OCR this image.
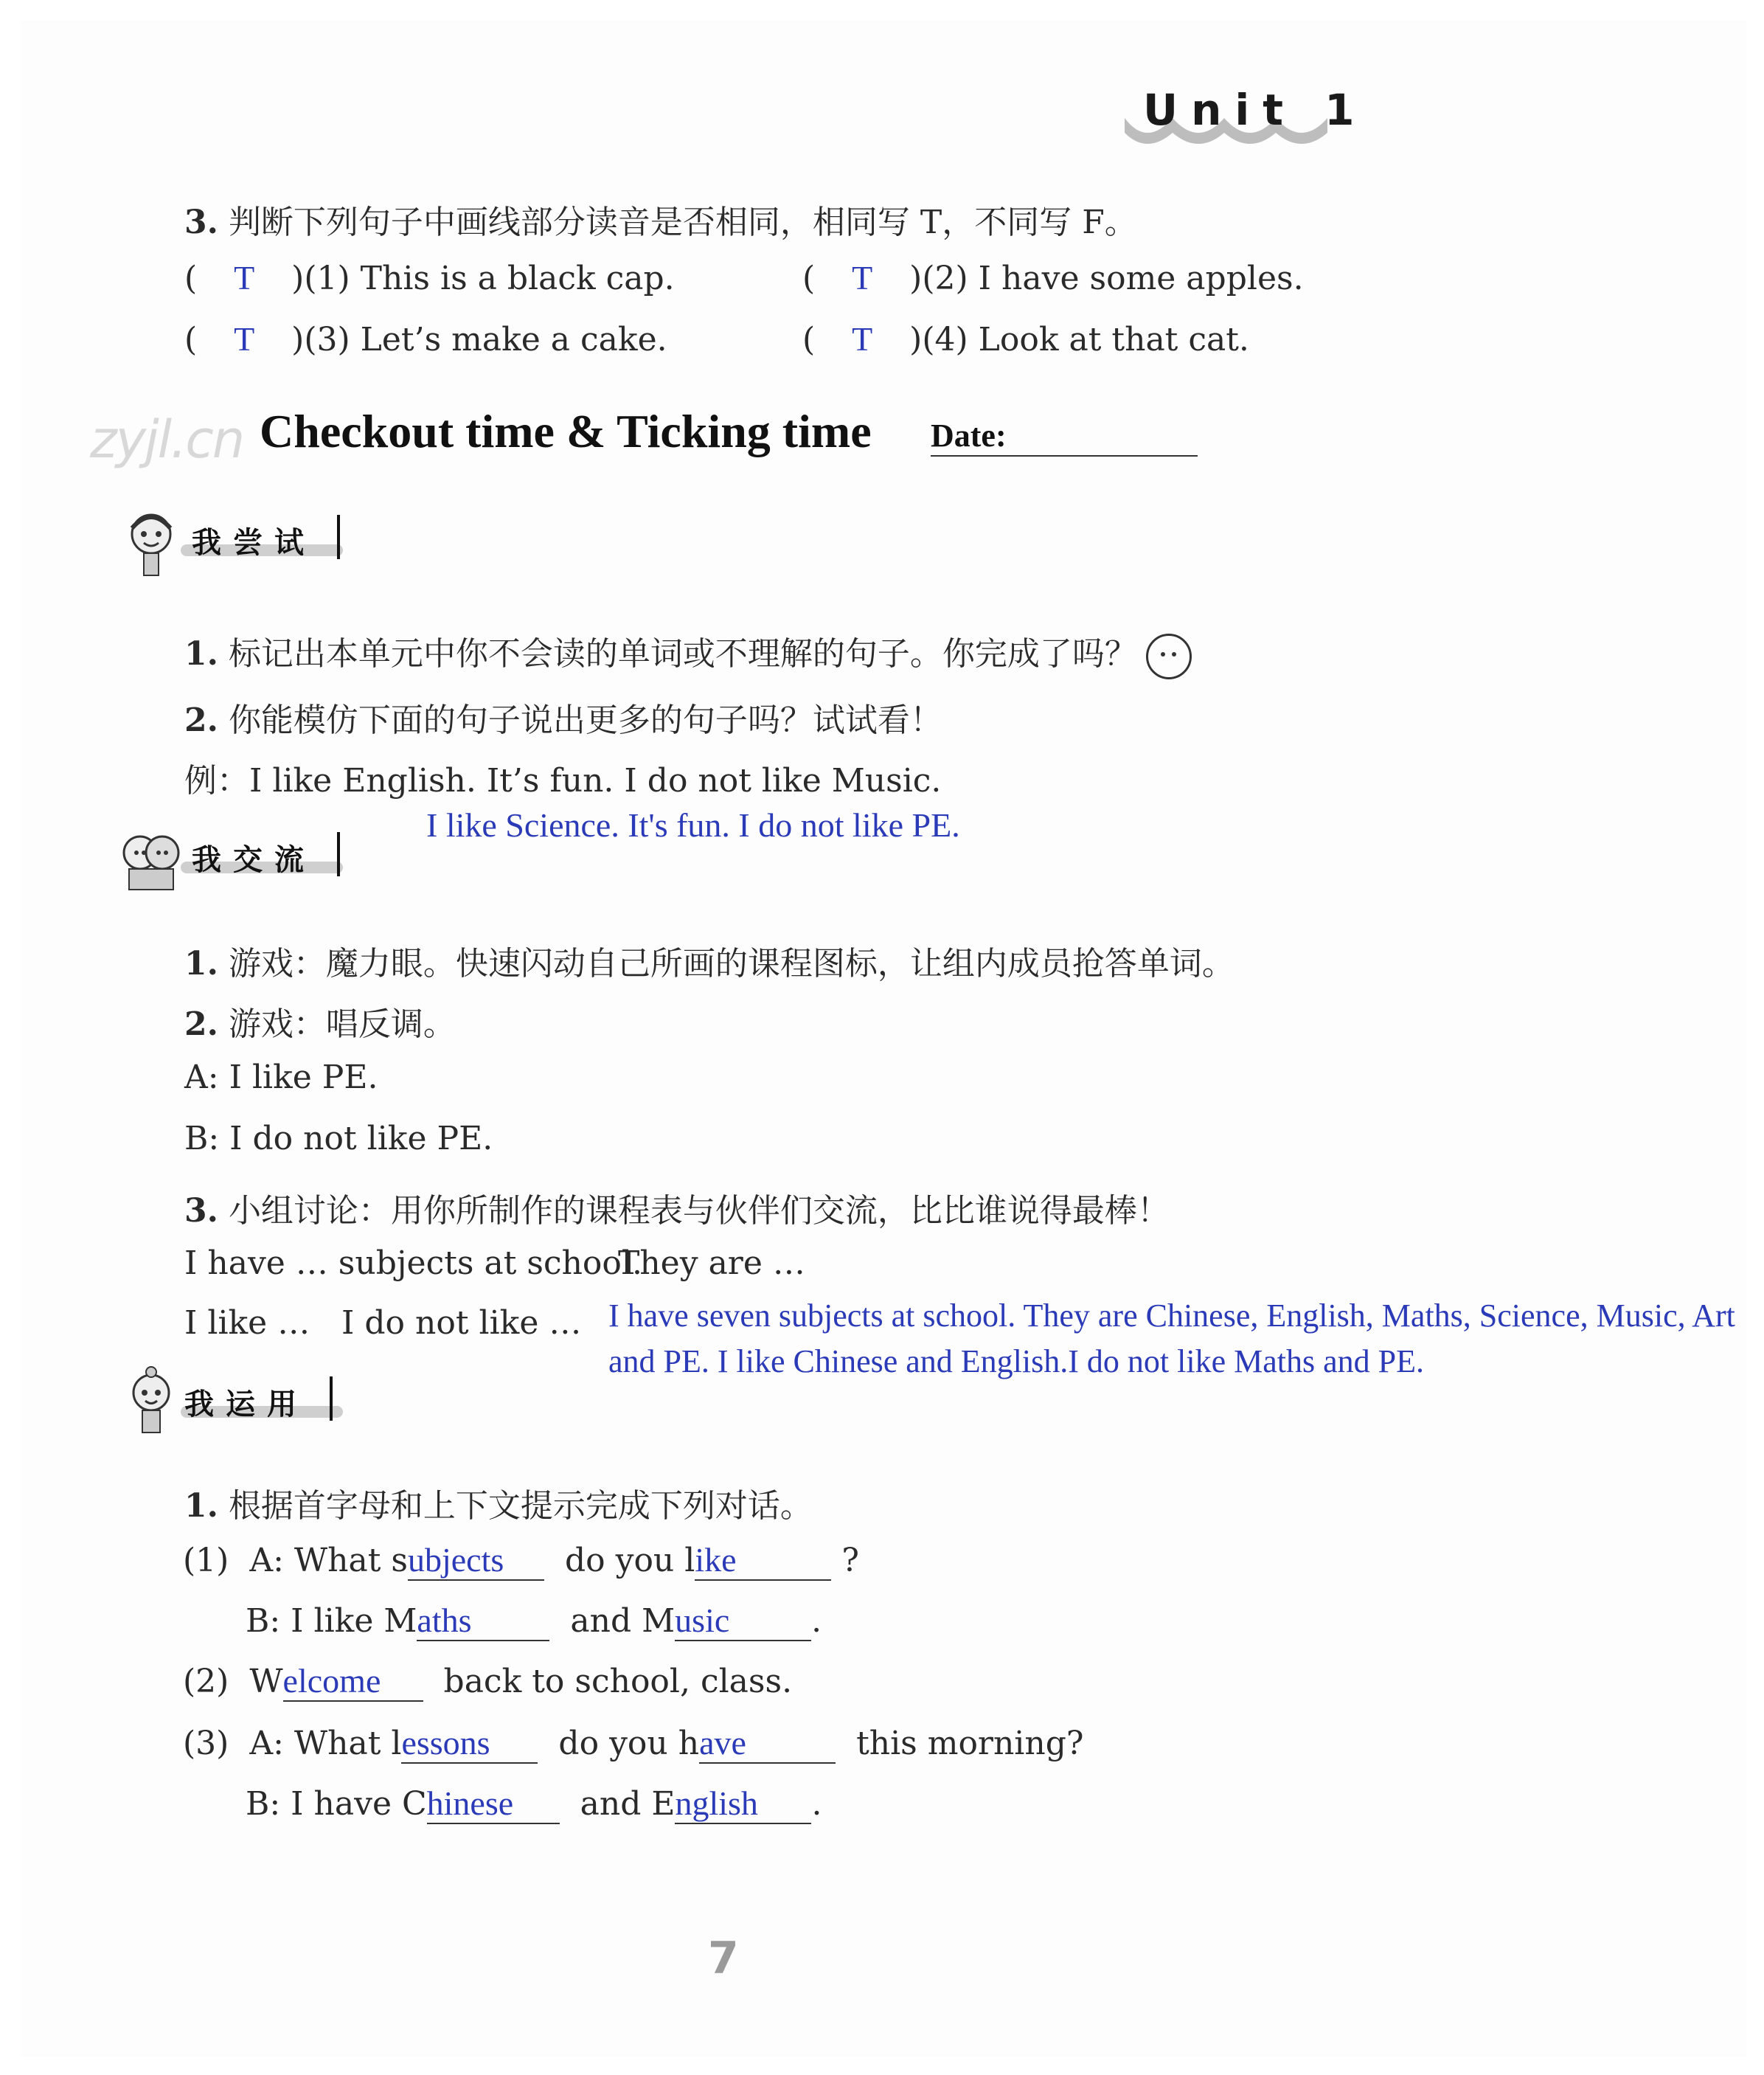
Unit 1
3. 判断下列句子中画线部分读音是否相同，相同写 T，不同写 F。
( T )(1) This is a black cap.	( T )(2) I have some apples.
( T )(3) Let’s make a cake.	( T )(4) Look at that cat.
zyjl.cn Checkout time & Ticking time Date:
我尝试
1. 标记出本单元中你不会读的单词或不理解的句子。你完成了吗？
2. 你能模仿下面的句子说出更多的句子吗？试试看！
例：I like English. It’s fun. I do not like Music.
I like Science. It's fun. I do not like PE.
我交流
1. 游戏：魔力眼。快速闪动自己所画的课程图标，让组内成员抢答单词。
2. 游戏：唱反调。
A: I like PE.
B: I do not like PE.
3. 小组讨论：用你所制作的课程表与伙伴们交流，比比谁说得最棒！
I have … subjects at school.
They are …
I like … I do not like … I have seven subjects at school. They are Chinese, English, Maths, Science, Music, Art
and PE. I like Chinese and English.I do not like Maths and PE.
我运用
1. 根据首字母和上下文提示完成下列对话。
(1) A: What subjects do you like	?
B: I like Maths	and Music	.
(2) Welcome back to school, class.
(3) A: What lessons do you have	this morning?
B: I have Chinese and English .
7
